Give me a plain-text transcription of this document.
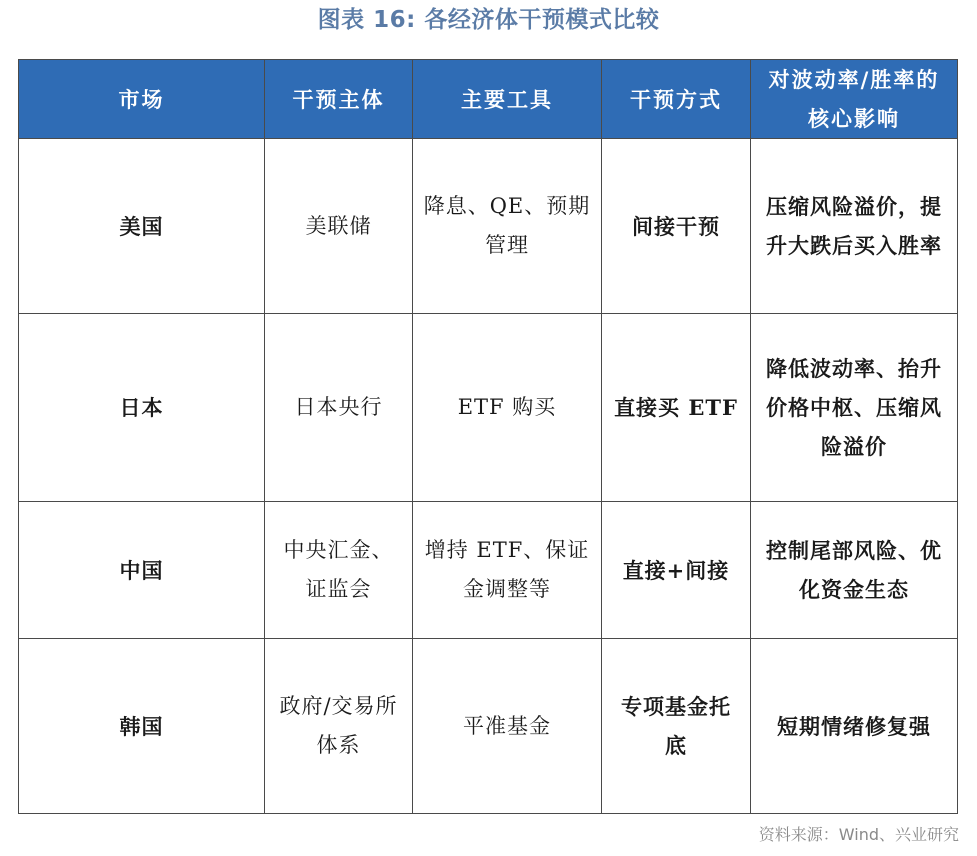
图表 16: 各经济体干预模式比较
市场	干预主体	主要工具	干预方式	对波动率/胜率的核心影响
美国	美联储	降息、QE、预期管理	间接干预	压缩风险溢价，提升大跌后买入胜率
日本	日本央行	ETF 购买	直接买 ETF	降低波动率、抬升价格中枢、压缩风险溢价
中国	中央汇金、证监会	增持 ETF、保证金调整等	直接+间接	控制尾部风险、优化资金生态
韩国	政府/交易所体系	平准基金	专项基金托底	短期情绪修复强
资料来源：Wind、兴业研究
